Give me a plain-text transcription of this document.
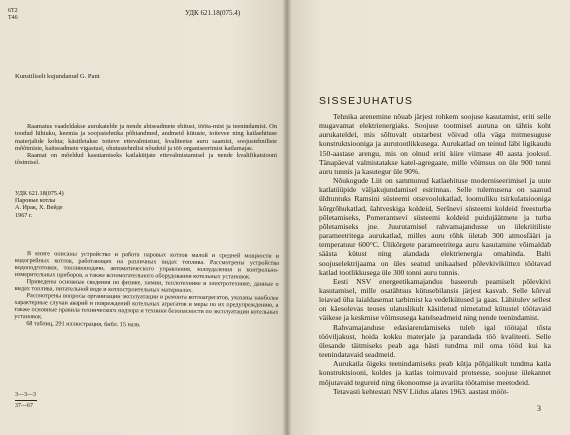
6T2
Т46
УДК 621.18(075.4)
Kunstiliselt kujundanud G. Pant

Raamatus vaadeldakse aurukateldе ja nende abiseadmete ehitust, tööta-mist ja teenindamist. On toodud lühiuku, keemia ja soojustehnika põhiandmed, andmeid kütuste, toitevee ning katlaehituse materjalide kohta; käsitletakse toiteve ettevalmistust, kvaliteetse auru saamist, soojustehniliste mõõtmiste, kaitseadmete vigastusi, ohutustehnilisi nõudeid ja töö organiseerimist katlamajas.

Raamat on mõeldud kasutamiseks katlakütjate ettevalmistamisel ja nende kvalifikatsiooni tõstmisel.

УДК 621.18(075.4)
Паровые котлы
А. Ирак, Х. Вейде
1967 г.

В книге описаны устройство и работа паровых котлов малой и средней мощности и водогрейных котлов, работающих на различных видах топлива. Рассмотрены устройства водоподготовки, топливоподачи, автоматического управления, золоудаления и контрольно-измерительных приборов, а также вспомогательного оборудования котельных установок.

Приведены основные сведения по физике, химии, теплотехнике и электротехнике, данные о видах топлива, питательной воде и котлостроительных материалах.

Рассмотрены вопросы организации эксплуатации и ремонта котлоагрегатов, указаны наиболее характерные случаи аварий и повреждений котельных агрегатов и меры по их предупреждению, а также основные правила технического надзора и техники безопасности по эксплуатации котельных установок.

68 таблиц, 291 иллюстрация, библ. 15 назв.

3—3—3
37—67
SISSEJUHATUS

Tehnika arenemine nõuab järjest rohkem soojuse kasutamist, eriti selle mugavamat elektrienergiaks. Soojuse tootmisel auruna on tähtis koht aurukatеldel, mis sõltuvalt otstarbest võivad olla väga mitmesuguse konstruktsiooniga ja aurutootlikkusega. Aurukatlad on teinud läbi ligikaudu 150-aastase arengu, mis on olnud eriti kiire viimase 40 aasta jooksul. Tänapäeval valmistatakse katel-agregaate, mille võimsus on üle 900 tonni auru tunnis ja kasutegur üle 90%.

Nõukogude Liit on sammunud katlaehituse moderniseerimisel ja uute katlatüüpide väljakujundamisel esirinnas. Selle tulemusena on saanud üldtuntuks Ramsini süsteemi otsevoolukatlad, loomuliku tsirkulatsiooniga kõrgrõhukatlad, šahtveskiga koldeid, Seršnevi süsteemi koldeid freesturba põletamiseks, Pomerantsevi süsteemi koldeid puidujäätmete ja turba põletamiseks jne. Juurutamisel rahvamajandusse on ülekriitiliste parameetritega aurukatlad, milles auru rõhk ületab 300 atmosfääri ja temperatuur 600°C. Ülikõrgete parameetritega auru kasutamine võimaldab säästa kütust ning alandada elektrienergia omahinda. Balti soojuselektrijaama on üles seatud unikaalsed põlevkivikütteл töötavad katlad tootlikkusega üle 300 tonni auru tunnis.

Eesti NSV energeetikamajandus baseerub peamiselt põlevkivi kasutamisel, mille osatähtsus kütusebilansis järjest kasvab. Selle kõrval leiavad üha laialdasemat tarbimist ka vedelkütused ja gaas. Lähitulev sellest on käesolevas teoses ulatuslikult käsitletud nimetatud kütustel töötavaid väikese ja keskmise võimsusega katelseadmeid ning nende teenindamist.

Rahvamajanduse edasiarendamiseks tuleb igal töötajal tõsta töövilјakust, hoida kokku materjale ja parandada töö kvaliteeti. Selle ülesande täitmiseks peab aga hästi tundma mil oma tööd kui ka teenindatavaid seadmeid.

Aurukatla õigeks teenindamiseks peab kütja põhjalikult tundma katla konstruktsiooni, koldes ja katlas toimuvaid protsesse, soojuse ülekannet mõjutavaid tegureid ning ökonoomse ja avariita töötamise meetodeid.

Tetavasti kehtestati NSV Liidus alates 1963. aastast mööt-

3
